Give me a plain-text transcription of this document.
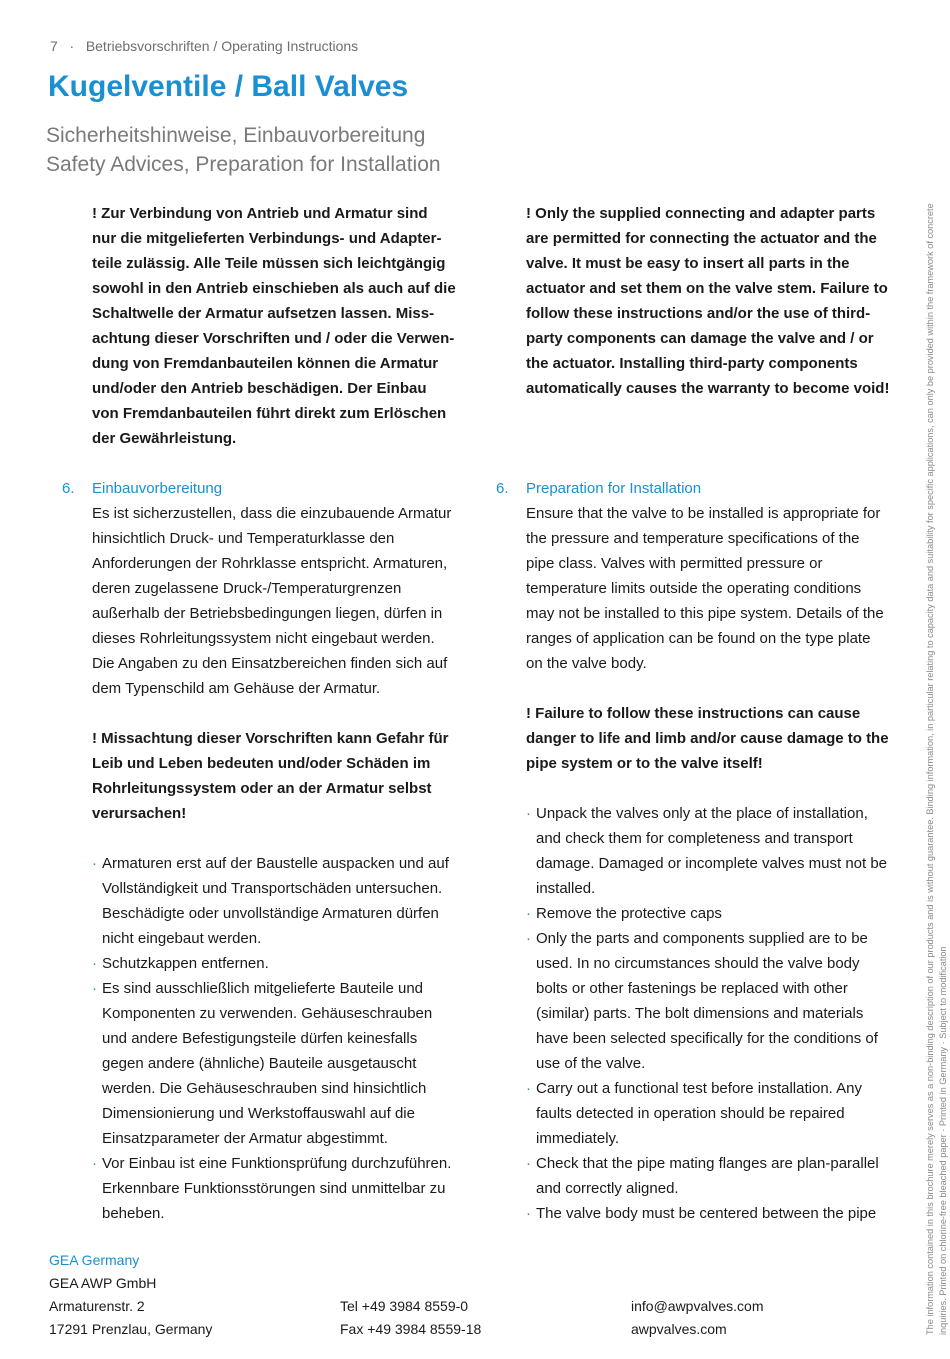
7 · Betriebsvorschriften / Operating Instructions
Kugelventile / Ball Valves
Sicherheitshinweise, Einbauvorbereitung
Safety Advices, Preparation for Installation
! Zur Verbindung von Antrieb und Armatur sind
nur die mitgelieferten Verbindungs- und Adapter-
teile zulässig. Alle Teile müssen sich leichtgängig
sowohl in den Antrieb einschieben als auch auf die
Schaltwelle der Armatur aufsetzen lassen. Miss-
achtung dieser Vorschriften und / oder die Verwen-
dung von Fremdanbauteilen können die Armatur
und/oder den Antrieb beschädigen. Der Einbau
von Fremdanbauteilen führt direkt zum Erlöschen
der Gewährleistung.
6. Einbauvorbereitung
Es ist sicherzustellen, dass die einzubauende Armatur
hinsichtlich Druck- und Temperaturklasse den
Anforderungen der Rohrklasse entspricht. Armaturen,
deren zugelassene Druck-/Temperaturgrenzen
außerhalb der Betriebsbedingungen liegen, dürfen in
dieses Rohrleitungssystem nicht eingebaut werden.
Die Angaben zu den Einsatzbereichen finden sich auf
dem Typenschild am Gehäuse der Armatur.
! Missachtung dieser Vorschriften kann Gefahr für
Leib und Leben bedeuten und/oder Schäden im
Rohrleitungssystem oder an der Armatur selbst
verursachen!
· Armaturen erst auf der Baustelle auspacken und auf
Vollständigkeit und Transportschäden untersuchen.
Beschädigte oder unvollständige Armaturen dürfen
nicht eingebaut werden.
· Schutzkappen entfernen.
· Es sind ausschließlich mitgelieferte Bauteile und
Komponenten zu verwenden. Gehäuseschrauben
und andere Befestigungsteile dürfen keinesfalls
gegen andere (ähnliche) Bauteile ausgetauscht
werden. Die Gehäuseschrauben sind hinsichtlich
Dimensionierung und Werkstoffauswahl auf die
Einsatzparameter der Armatur abgestimmt.
· Vor Einbau ist eine Funktionsprüfung durchzuführen.
Erkennbare Funktionsstörungen sind unmittelbar zu
beheben.
! Only the supplied connecting and adapter parts
are permitted for connecting the actuator and the
valve. It must be easy to insert all parts in the
actuator and set them on the valve stem. Failure to
follow these instructions and/or the use of third-
party components can damage the valve and / or
the actuator. Installing third-party components
automatically causes the warranty to become void!
6. Preparation for Installation
Ensure that the valve to be installed is appropriate for
the pressure and temperature specifications of the
pipe class. Valves with permitted pressure or
temperature limits outside the operating conditions
may not be installed to this pipe system. Details of the
ranges of application can be found on the type plate
on the valve body.
! Failure to follow these instructions can cause
danger to life and limb and/or cause damage to the
pipe system or to the valve itself!
· Unpack the valves only at the place of installation,
and check them for completeness and transport
damage. Damaged or incomplete valves must not be
installed.
· Remove the protective caps
· Only the parts and components supplied are to be
used. In no circumstances should the valve body
bolts or other fastenings be replaced with other
(similar) parts. The bolt dimensions and materials
have been selected specifically for the conditions of
use of the valve.
· Carry out a functional test before installation. Any
faults detected in operation should be repaired
immediately.
· Check that the pipe mating flanges are plan-parallel
and correctly aligned.
· The valve body must be centered between the pipe
GEA Germany
GEA AWP GmbH
Armaturenstr. 2
17291 Prenzlau, Germany
Tel +49 3984 8559-0
Fax +49 3984 8559-18
info@awpvalves.com
awpvalves.com	The information contained in this brochure merely serves as a non-binding description of our products and is without guarantee. Binding information, in particular relating to capacity data and suitability for specific applications, can only be provided within the framework of concrete inquiries. Printed on chlorine-free bleached paper · Printed in Germany · Subject to modification
